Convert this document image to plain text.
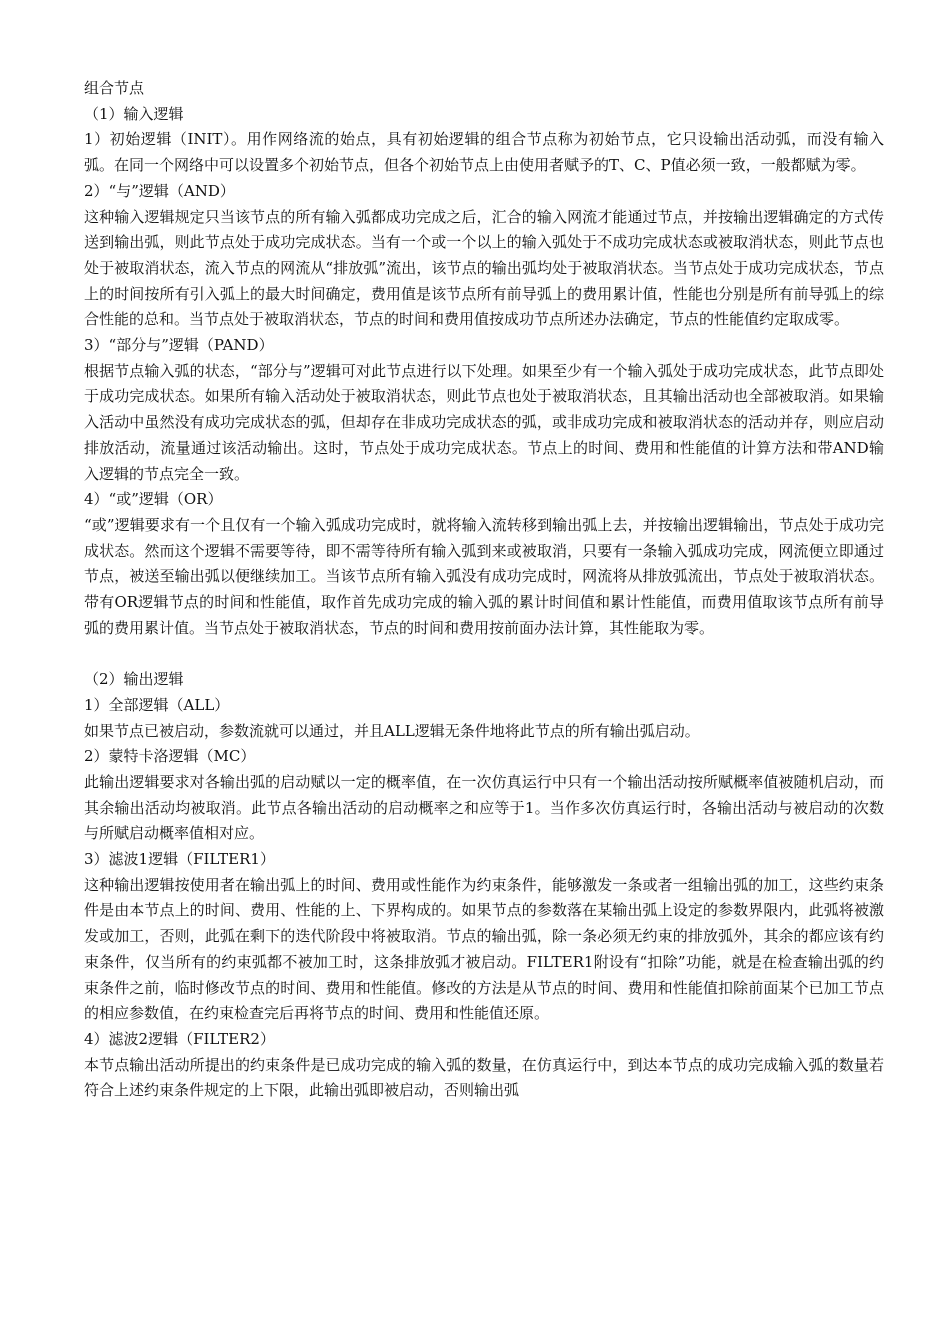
组合节点

（1）输入逻辑

1）初始逻辑（INIT）。用作网络流的始点，具有初始逻辑的组合节点称为初始节点，它只设输出活动弧，而没有输入弧。在同一个网络中可以设置多个初始节点，但各个初始节点上由使用者赋予的T、C、P值必须一致，一般都赋为零。

2）“与”逻辑（AND）

这种输入逻辑规定只当该节点的所有输入弧都成功完成之后，汇合的输入网流才能通过节点，并按输出逻辑确定的方式传送到输出弧，则此节点处于成功完成状态。当有一个或一个以上的输入弧处于不成功完成状态或被取消状态，则此节点也处于被取消状态，流入节点的网流从“排放弧”流出，该节点的输出弧均处于被取消状态。当节点处于成功完成状态，节点上的时间按所有引入弧上的最大时间确定，费用值是该节点所有前导弧上的费用累计值，性能也分别是所有前导弧上的综合性能的总和。当节点处于被取消状态，节点的时间和费用值按成功节点所述办法确定，节点的性能值约定取成零。

3）“部分与”逻辑（PAND）

根据节点输入弧的状态，“部分与”逻辑可对此节点进行以下处理。如果至少有一个输入弧处于成功完成状态，此节点即处于成功完成状态。如果所有输入活动处于被取消状态，则此节点也处于被取消状态，且其输出活动也全部被取消。如果输入活动中虽然没有成功完成状态的弧，但却存在非成功完成状态的弧，或非成功完成和被取消状态的活动并存，则应启动排放活动，流量通过该活动输出。这时，节点处于成功完成状态。节点上的时间、费用和性能值的计算方法和带AND输入逻辑的节点完全一致。

4）“或”逻辑（OR）

“或”逻辑要求有一个且仅有一个输入弧成功完成时，就将输入流转移到输出弧上去，并按输出逻辑输出，节点处于成功完成状态。然而这个逻辑不需要等待，即不需等待所有输入弧到来或被取消，只要有一条输入弧成功完成，网流便立即通过节点，被送至输出弧以便继续加工。当该节点所有输入弧没有成功完成时，网流将从排放弧流出，节点处于被取消状态。带有OR逻辑节点的时间和性能值，取作首先成功完成的输入弧的累计时间值和累计性能值，而费用值取该节点所有前导弧的费用累计值。当节点处于被取消状态，节点的时间和费用按前面办法计算，其性能取为零。

（2）输出逻辑

1）全部逻辑（ALL）

如果节点已被启动，参数流就可以通过，并且ALL逻辑无条件地将此节点的所有输出弧启动。

2）蒙特卡洛逻辑（MC）

此输出逻辑要求对各输出弧的启动赋以一定的概率值，在一次仿真运行中只有一个输出活动按所赋概率值被随机启动，而其余输出活动均被取消。此节点各输出活动的启动概率之和应等于1。当作多次仿真运行时，各输出活动与被启动的次数与所赋启动概率值相对应。

3）滤波1逻辑（FILTER1）

这种输出逻辑按使用者在输出弧上的时间、费用或性能作为约束条件，能够激发一条或者一组输出弧的加工，这些约束条件是由本节点上的时间、费用、性能的上、下界构成的。如果节点的参数落在某输出弧上设定的参数界限内，此弧将被激发或加工，否则，此弧在剩下的迭代阶段中将被取消。节点的输出弧，除一条必须无约束的排放弧外，其余的都应该有约束条件，仅当所有的约束弧都不被加工时，这条排放弧才被启动。FILTER1附设有“扣除”功能，就是在检查输出弧的约束条件之前，临时修改节点的时间、费用和性能值。修改的方法是从节点的时间、费用和性能值扣除前面某个已加工节点的相应参数值，在约束检查完后再将节点的时间、费用和性能值还原。

4）滤波2逻辑（FILTER2）

本节点输出活动所提出的约束条件是已成功完成的输入弧的数量，在仿真运行中，到达本节点的成功完成输入弧的数量若符合上述约束条件规定的上下限，此输出弧即被启动，否则输出弧
